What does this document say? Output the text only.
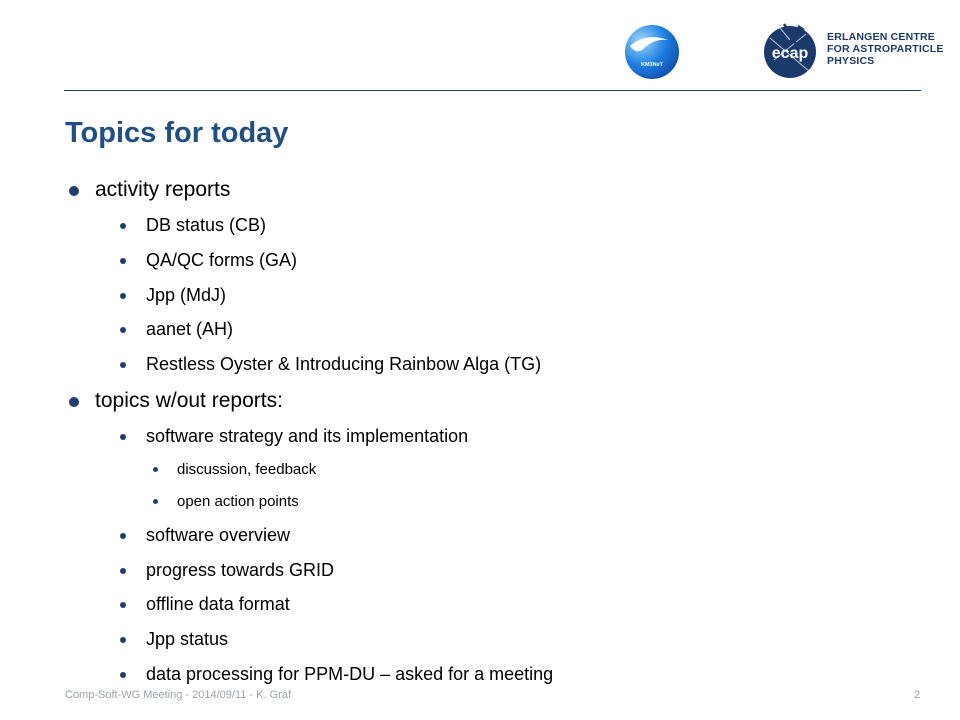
KM3NeT
ecap
ERLANGEN CENTRE
FOR ASTROPARTICLE
PHYSICS
Topics for today
activity reports
DB status (CB)
QA/QC forms (GA)
Jpp (MdJ)
aanet (AH)
Restless Oyster & Introducing Rainbow Alga (TG)
topics w/out reports:
software strategy and its implementation
discussion, feedback
open action points
software overview
progress towards GRID
offline data format
Jpp status
data processing for PPM-DU – asked for a meeting
Comp-Soft-WG Meeting - 2014/09/11 - K. Graf	2
